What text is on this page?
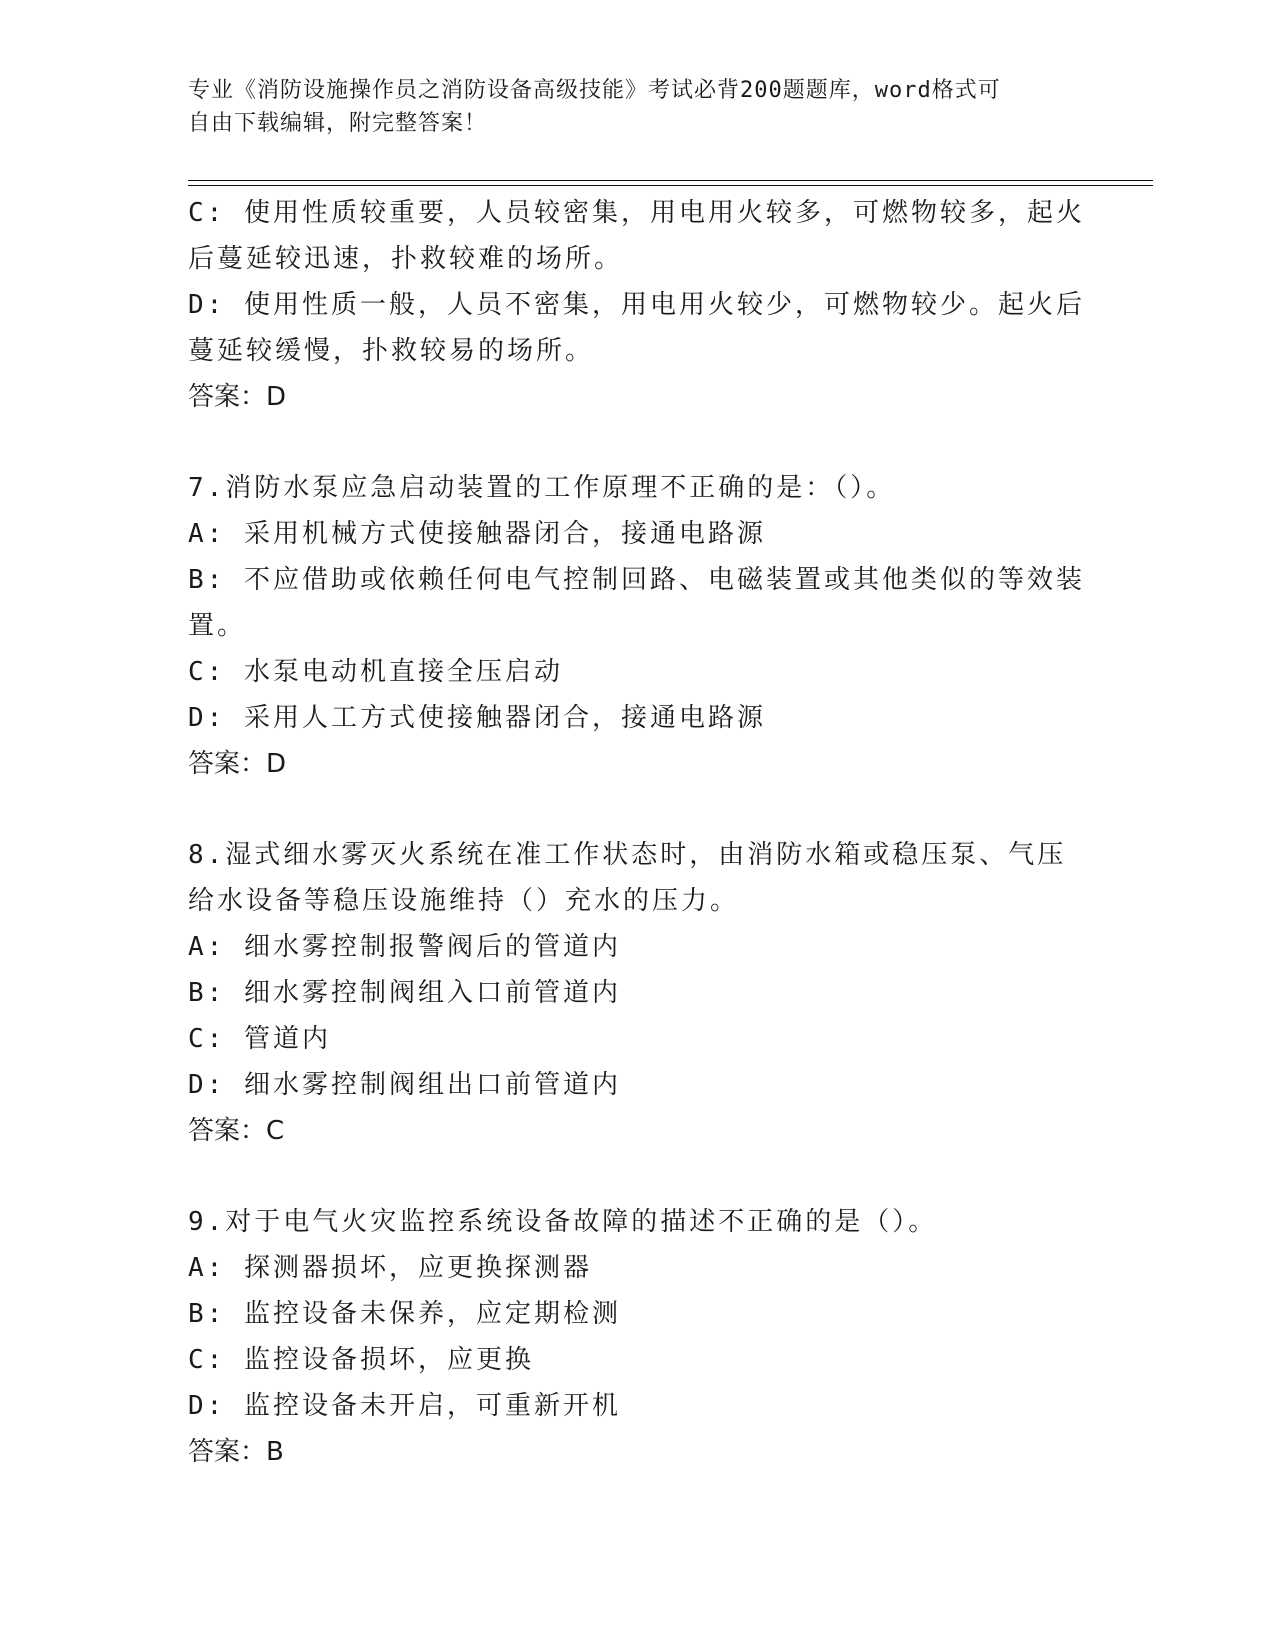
专业《消防设施操作员之消防设备高级技能》考试必背200题题库，word格式可
自由下载编辑，附完整答案！
C: 使用性质较重要，人员较密集，用电用火较多，可燃物较多，起火
后蔓延较迅速，扑救较难的场所。
D: 使用性质一般，人员不密集，用电用火较少，可燃物较少。起火后
蔓延较缓慢，扑救较易的场所。
答案：D
7.消防水泵应急启动装置的工作原理不正确的是：（）。
A: 采用机械方式使接触器闭合，接通电路源
B: 不应借助或依赖任何电气控制回路、电磁装置或其他类似的等效装
置。
C: 水泵电动机直接全压启动
D: 采用人工方式使接触器闭合，接通电路源
答案：D
8.湿式细水雾灭火系统在准工作状态时，由消防水箱或稳压泵、气压
给水设备等稳压设施维持（）充水的压力。
A: 细水雾控制报警阀后的管道内
B: 细水雾控制阀组入口前管道内
C: 管道内
D: 细水雾控制阀组出口前管道内
答案：C
9.对于电气火灾监控系统设备故障的描述不正确的是（）。
A: 探测器损坏，应更换探测器
B: 监控设备未保养，应定期检测
C: 监控设备损坏，应更换
D: 监控设备未开启，可重新开机
答案：B
